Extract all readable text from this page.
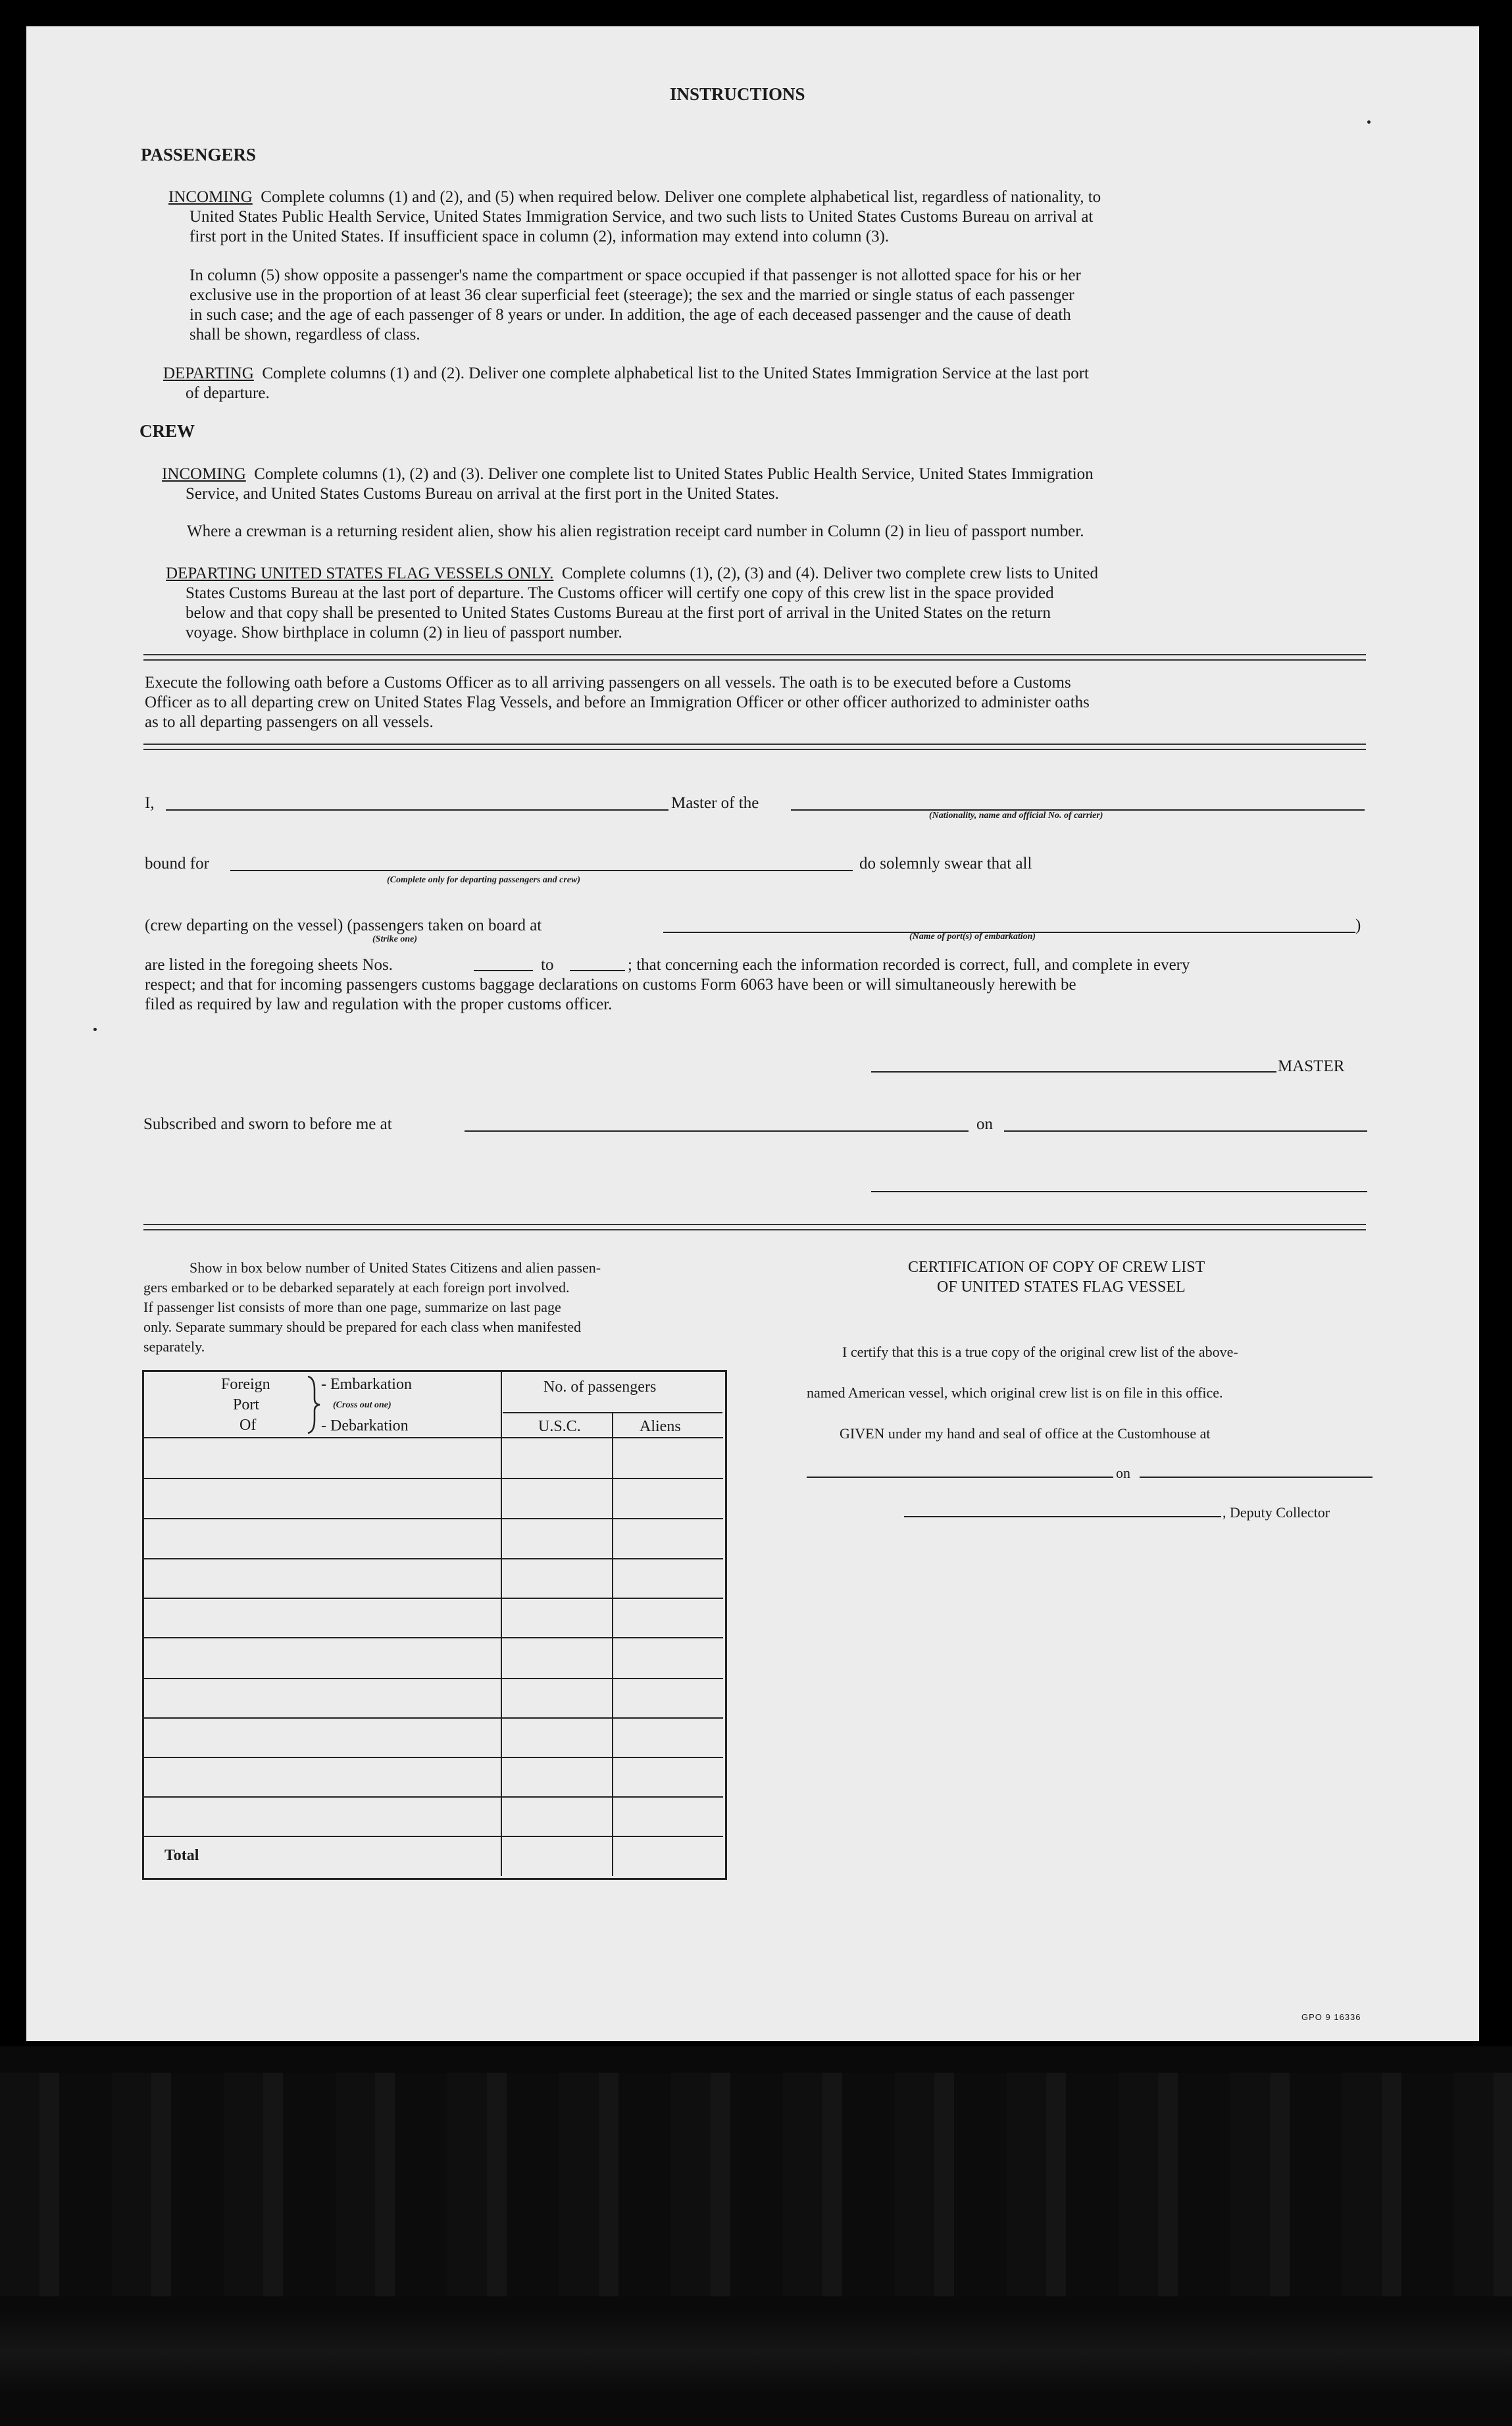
INSTRUCTIONS
PASSENGERS
INCOMING Complete columns (1) and (2), and (5) when required below. Deliver one complete alphabetical list, regardless of nationality, to
United States Public Health Service, United States Immigration Service, and two such lists to United States Customs Bureau on arrival at
first port in the United States. If insufficient space in column (2), information may extend into column (3).
In column (5) show opposite a passenger's name the compartment or space occupied if that passenger is not allotted space for his or her
exclusive use in the proportion of at least 36 clear superficial feet (steerage); the sex and the married or single status of each passenger
in such case; and the age of each passenger of 8 years or under. In addition, the age of each deceased passenger and the cause of death
shall be shown, regardless of class.
DEPARTING Complete columns (1) and (2). Deliver one complete alphabetical list to the United States Immigration Service at the last port
of departure.
CREW
INCOMING Complete columns (1), (2) and (3). Deliver one complete list to United States Public Health Service, United States Immigration
Service, and United States Customs Bureau on arrival at the first port in the United States.
Where a crewman is a returning resident alien, show his alien registration receipt card number in Column (2) in lieu of passport number.
DEPARTING UNITED STATES FLAG VESSELS ONLY. Complete columns (1), (2), (3) and (4). Deliver two complete crew lists to United
States Customs Bureau at the last port of departure. The Customs officer will certify one copy of this crew list in the space provided
below and that copy shall be presented to United States Customs Bureau at the first port of arrival in the United States on the return
voyage. Show birthplace in column (2) in lieu of passport number.
Execute the following oath before a Customs Officer as to all arriving passengers on all vessels. The oath is to be executed before a Customs
Officer as to all departing crew on United States Flag Vessels, and before an Immigration Officer or other officer authorized to administer oaths
as to all departing passengers on all vessels.
I,	Master of the
(Nationality, name and official No. of carrier)
bound for	do solemnly swear that all
(Complete only for departing passengers and crew)
(crew departing on the vessel) (passengers taken on board at	)
(Strike one)	(Name of port(s) of embarkation)
are listed in the foregoing sheets Nos.	to	; that concerning each the information recorded is correct, full, and complete in every
respect; and that for incoming passengers customs baggage declarations on customs Form 6063 have been or will simultaneously herewith be
filed as required by law and regulation with the proper customs officer.
MASTER
Subscribed and sworn to before me at	on
Show in box below number of United States Citizens and alien passen-
gers embarked or to be debarked separately at each foreign port involved.
If passenger list consists of more than one page, summarize on last page
only. Separate summary should be prepared for each class when manifested
separately.
Foreign
Port
Of
- Embarkation
(Cross out one)
- Debarkation
No. of passengers
U.S.C.	Aliens
Total
CERTIFICATION OF COPY OF CREW LIST
OF UNITED STATES FLAG VESSEL
I certify that this is a true copy of the original crew list of the above-
named American vessel, which original crew list is on file in this office.
GIVEN under my hand and seal of office at the Customhouse at
on
, Deputy Collector
GPO 9 16336
